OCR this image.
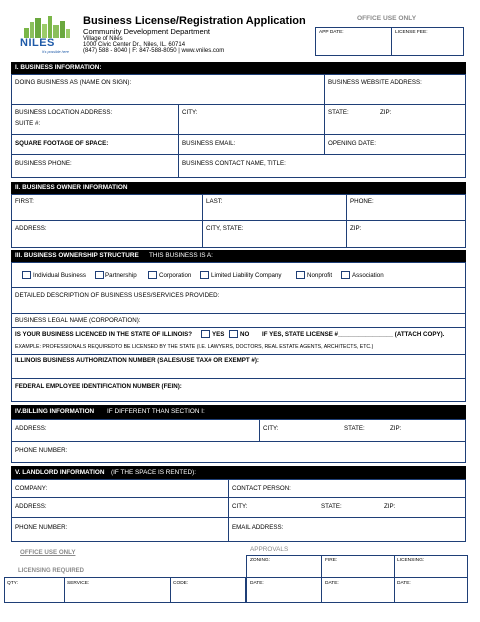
NILES
It's possible here
Business License/Registration Application
Community Development Department
Village of Niles
1000 Civic Center Dr., Niles, IL. 60714
(847) 588 - 8040 | F: 847-588-8050 | www.vniles.com
OFFICE USE ONLY
APP DATE:	LICENSE FEE:
I. BUSINESS INFORMATION:
DOING BUSINESS AS (NAME ON SIGN):	BUSINESS WEBSITE ADDRESS:
BUSINESS LOCATION ADDRESS:
SUITE #:
CITY:	STATE:	ZIP:
SQUARE FOOTAGE OF SPACE:	BUSINESS EMAIL:	OPENING DATE:
BUSINESS PHONE:	BUSINESS CONTACT NAME, TITLE:
II. BUSINESS OWNER INFORMATION
FIRST:	LAST:	PHONE:
ADDRESS:	CITY, STATE:	ZIP:
III. BUSINESS OWNERSHIP STRUCTURE THIS BUSINESS IS A:
Individual Business	Partnership	Corporation	Limited Liability Company	Nonprofit	Association
DETAILED DESCRIPTION OF BUSINESS USES/SERVICES PROVIDED:
BUSINESS LEGAL NAME (CORPORATION):
IS YOUR BUSINESS LICENCED IN THE STATE OF ILLINOIS?	YES	NO IF YES, STATE LICENSE #________________ (ATTACH COPY).
EXAMPLE: PROFESSIONALS REQUIREDTO BE LICENSED BY THE STATE (I.E. LAWYERS, DOCTORS, REAL ESTATE AGENTS, ARCHITECTS, ETC.)
ILLINOIS BUSINESS AUTHORIZATION NUMBER (SALES/USE TAX# OR EXEMPT #):
FEDERAL EMPLOYEE IDENTIFICATION NUMBER (FEIN):
IV.BILLING INFORMATION IF DIFFERENT THAN SECTION I:
ADDRESS:	CITY:	STATE:	ZIP:
PHONE NUMBER:
V. LANDLORD INFORMATION (IF THE SPACE IS RENTED):
COMPANY:	CONTACT PERSON:
ADDRESS:	CITY:	STATE:	ZIP:
PHONE NUMBER:	EMAIL ADDRESS:
OFFICE USE ONLY
LICENSING REQUIRED
QTY:	SERVICE:	CODE:
APPROVALS
ZONING:	FIRE:	LICENSING:
DATE:	DATE:	DATE:
